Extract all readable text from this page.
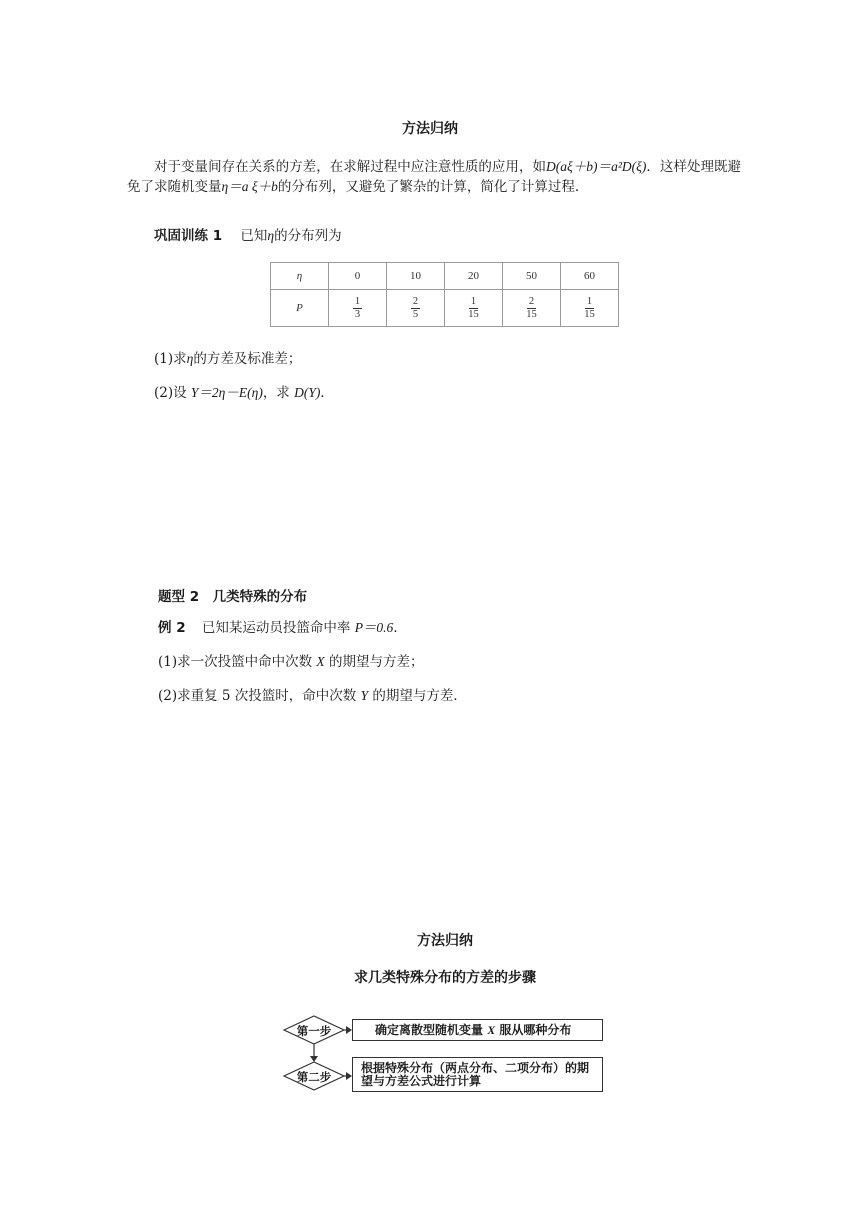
方法归纳
对于变量间存在关系的方差，在求解过程中应注意性质的应用，如D(aξ＋b)＝a²D(ξ)．这样处理既避免了求随机变量η＝a ξ＋b的分布列，又避免了繁杂的计算，简化了计算过程．
巩固训练 1 已知η的分布列为
η	0	10	20	50	60
P	$\frac{1}{3}$	$\frac{2}{5}$	$\frac{1}{15}$	$\frac{2}{15}$	$\frac{1}{15}$
(1)求η的方差及标准差；
(2)设 Y＝2η－E(η)，求 D(Y)．
题型 2　几类特殊的分布
例 2 已知某运动员投篮命中率 P＝0.6．
(1)求一次投篮中命中次数 X 的期望与方差；
(2)求重复 5 次投篮时，命中次数 Y 的期望与方差．
方法归纳
求几类特殊分布的方差的步骤
第一步
第二步
确定离散型随机变量 X 服从哪种分布
根据特殊分布（两点分布、二项分布）的期望与方差公式进行计算
